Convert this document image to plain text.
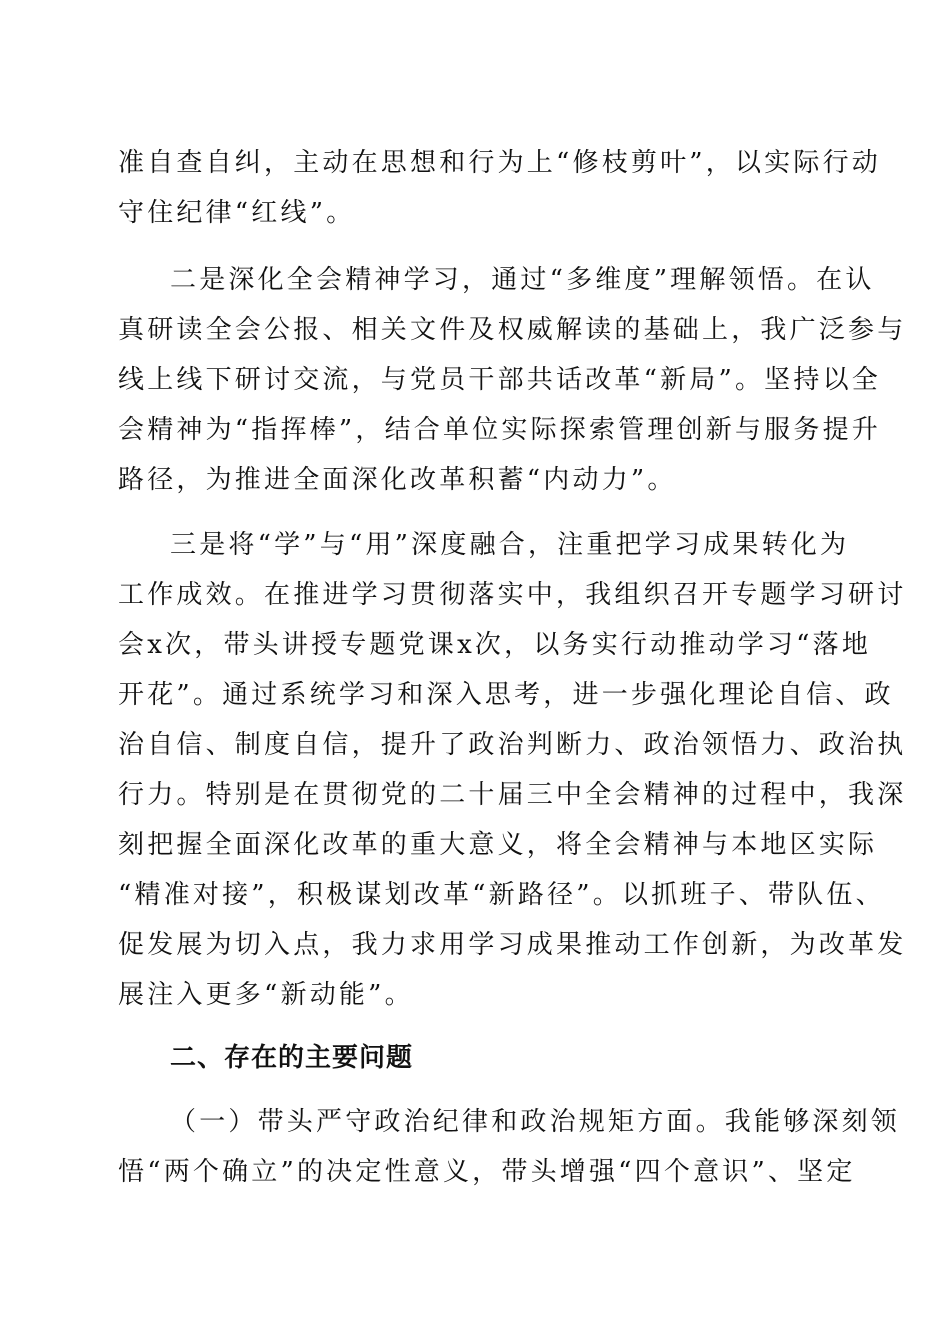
准自查自纠，主动在思想和行为上“修枝剪叶”，以实际行动
守住纪律“红线”。
二是深化全会精神学习，通过“多维度”理解领悟。在认
真研读全会公报、相关文件及权威解读的基础上，我广泛参与
线上线下研讨交流，与党员干部共话改革“新局”。坚持以全
会精神为“指挥棒”，结合单位实际探索管理创新与服务提升
路径，为推进全面深化改革积蓄“内动力”。
三是将“学”与“用”深度融合，注重把学习成果转化为
工作成效。在推进学习贯彻落实中，我组织召开专题学习研讨
会x次，带头讲授专题党课x次，以务实行动推动学习“落地
开花”。通过系统学习和深入思考，进一步强化理论自信、政
治自信、制度自信，提升了政治判断力、政治领悟力、政治执
行力。特别是在贯彻党的二十届三中全会精神的过程中，我深
刻把握全面深化改革的重大意义，将全会精神与本地区实际
“精准对接”，积极谋划改革“新路径”。以抓班子、带队伍、
促发展为切入点，我力求用学习成果推动工作创新，为改革发
展注入更多“新动能”。
二、存在的主要问题
（一）带头严守政治纪律和政治规矩方面。我能够深刻领
悟“两个确立”的决定性意义，带头增强“四个意识”、坚定
